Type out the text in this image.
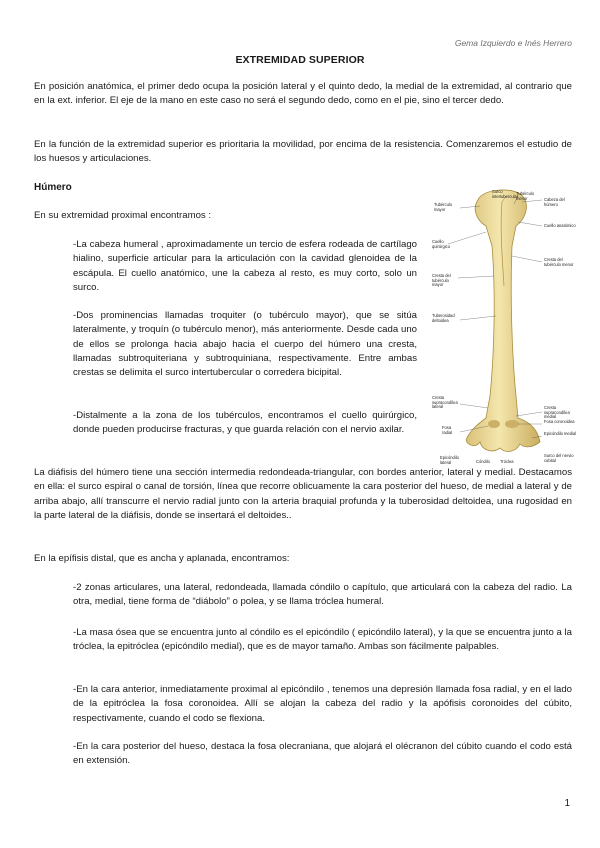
Gema Izquierdo e Inés Herrero
EXTREMIDAD SUPERIOR

En posición anatómica, el primer dedo ocupa la posición lateral y el quinto dedo, la medial de la extremidad, al contrario que en la ext. inferior. El eje de la mano en este caso no será el segundo dedo, como en el pie, sino el tercer dedo.

En la función de la extremidad superior es prioritaria la movilidad, por encima de la resistencia. Comenzaremos el estudio de los huesos y articulaciones.

Húmero

En su extremidad proximal encontramos :

-La cabeza humeral , aproximadamente un tercio de esfera rodeada de cartílago hialino, superficie articular para la articulación con la cavidad glenoidea de la escápula. El cuello anatómico, une la cabeza al resto, es muy corto, solo un surco.

-Dos prominencias llamadas troquiter (o tubérculo mayor), que se sitúa lateralmente, y troquín (o tubérculo menor), más anteriormente. Desde cada uno de ellos se prolonga hacia abajo hacia el cuerpo del húmero una cresta, llamadas subtroquiteriana y subtroquiniana, respectivamente. Entre ambas crestas se delimita el surco intertubercular o corredera bicipital.

-Distalmente a la zona de los tubérculos, encontramos el cuello quirúrgico, donde pueden producirse fracturas, y que guarda relación con el nervio axilar.

Surco intertubercular
Tubérculo menor
Tubérculo mayor
Cabeza del húmero
Cuello anatómico
Cuello quirúrgico
Cresta del tubérculo menor
Cresta del tubérculo mayor
Tuberosidad deltoidea
Cresta supracondílea lateral
Fosa radial
Epicóndilo lateral	Cóndilo	Tróclea
Cresta supracondílea medial
Fosa coronoidea
Epicóndilo medial
Surco del nervio cubital

La diáfisis del húmero tiene una sección intermedia redondeada-triangular, con bordes anterior, lateral y medial. Destacamos en ella: el surco espiral o canal de torsión, línea que recorre oblicuamente la cara posterior del hueso, de medial a lateral y de arriba abajo, allí transcurre el nervio radial junto con la arteria braquial profunda y la tuberosidad deltoidea, una rugosidad en la parte lateral de la diáfisis, donde se insertará el deltoides..

En la epífisis distal, que es ancha y aplanada, encontramos:

-2 zonas articulares, una lateral, redondeada, llamada cóndilo o capítulo, que articulará con la cabeza del radio. La otra, medial, tiene forma de “diábolo” o polea, y se llama tróclea humeral.

-La masa ósea que se encuentra junto al cóndilo es el epicóndilo ( epicóndilo lateral), y la que se encuentra junto a la tróclea, la epitróclea (epicóndilo medial), que es de mayor tamaño. Ambas son fácilmente palpables.

-En la cara anterior, inmediatamente proximal al epicóndilo , tenemos una depresión llamada fosa radial, y en el lado de la epitróclea la fosa coronoidea. Allí se alojan la cabeza del radio y la apófisis coronoides del cúbito, respectivamente, cuando el codo se flexiona.

-En la cara posterior del hueso, destaca la fosa olecraniana, que alojará el olécranon del cúbito cuando el codo está en extensión.

1
